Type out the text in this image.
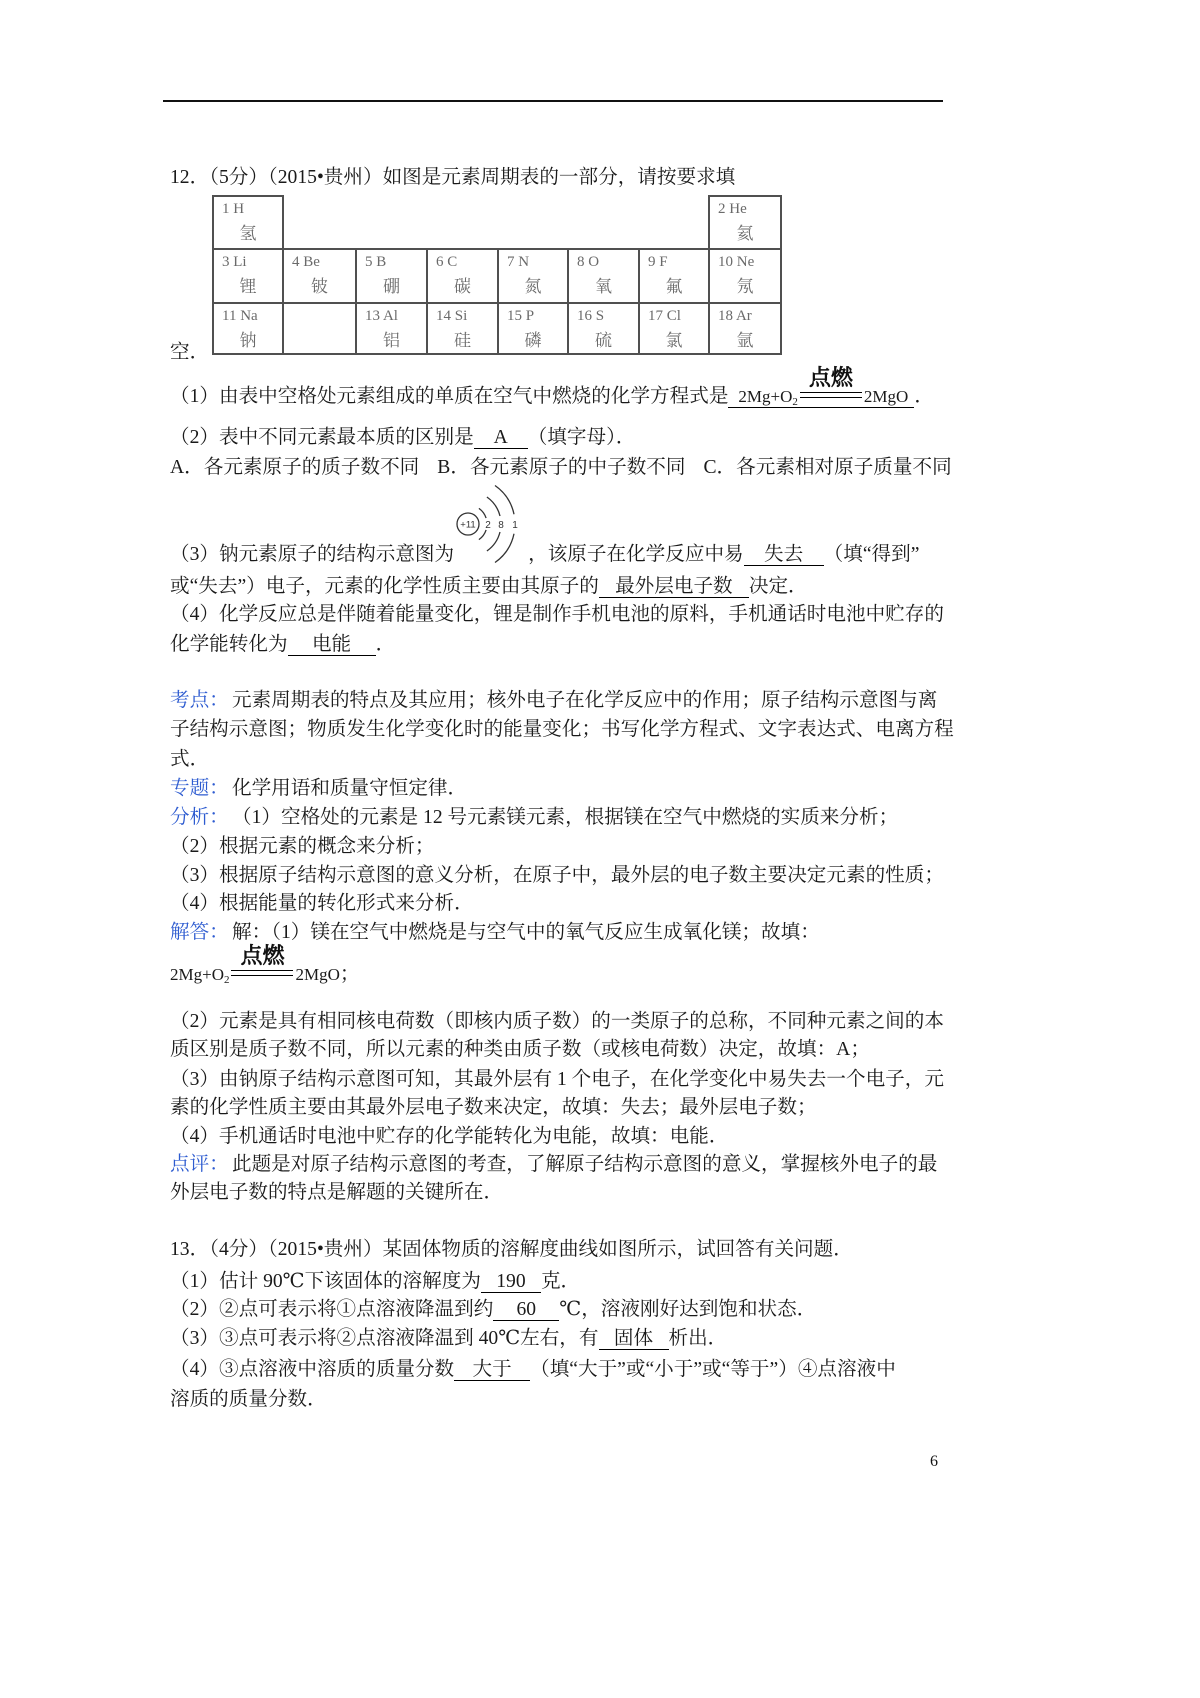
12．（5分）（2015•贵州）如图是元素周期表的一部分，请按要求填
1 H
氢
2 He
氦
3 Li
锂
4 Be
铍
5 B
硼
6 C
碳
7 N
氮
8 O
氧
9 F
氟
10 Ne
氖
11 Na
钠
13 Al
铝
14 Si
硅
15 P
磷
16 S
硫
17 Cl
氯
18 Ar
氩
空．
（1）由表中空格处元素组成的单质在空气中燃烧的化学方程式是 $2Mg+O_2$
点燃
2MgO ．
（2）表中不同元素最本质的区别是 A （填字母）．
A．各元素原子的质子数不同 B．各元素原子的中子数不同 C．各元素相对原子质量不同
（3）钠元素原子的结构示意图为
+11 2 8 1
，该原子在化学反应中易 失去 （填“得到”
或“失去”）电子，元素的化学性质主要由其原子的 最外层电子数 决定．
（4）化学反应总是伴随着能量变化，锂是制作手机电池的原料，手机通话时电池中贮存的
化学能转化为 电能 ．
考点： 元素周期表的特点及其应用；核外电子在化学反应中的作用；原子结构示意图与离
子结构示意图；物质发生化学变化时的能量变化；书写化学方程式、文字表达式、电离方程
式．
专题： 化学用语和质量守恒定律．
分析： （1）空格处的元素是 12 号元素镁元素，根据镁在空气中燃烧的实质来分析；
（2）根据元素的概念来分析；
（3）根据原子结构示意图的意义分析，在原子中，最外层的电子数主要决定元素的性质；
（4）根据能量的转化形式来分析．
解答： 解：（1）镁在空气中燃烧是与空气中的氧气反应生成氧化镁；故填：
$2Mg+O_2$
点燃
2MgO；
（2）元素是具有相同核电荷数（即核内质子数）的一类原子的总称，不同种元素之间的本
质区别是质子数不同，所以元素的种类由质子数（或核电荷数）决定，故填：A；
（3）由钠原子结构示意图可知，其最外层有 1 个电子，在化学变化中易失去一个电子，元
素的化学性质主要由其最外层电子数来决定，故填：失去；最外层电子数；
（4）手机通话时电池中贮存的化学能转化为电能，故填：电能．
点评： 此题是对原子结构示意图的考查，了解原子结构示意图的意义，掌握核外电子的最
外层电子数的特点是解题的关键所在．
13．（4分）（2015•贵州）某固体物质的溶解度曲线如图所示，试回答有关问题．
（1）估计 90℃下该固体的溶解度为 190 克．
（2）②点可表示将①点溶液降温到约 60 ℃，溶液刚好达到饱和状态．
（3）③点可表示将②点溶液降温到 40℃左右，有 固体 析出．
（4）③点溶液中溶质的质量分数 大于 （填“大于”或“小于”或“等于”）④点溶液中
溶质的质量分数．
6
